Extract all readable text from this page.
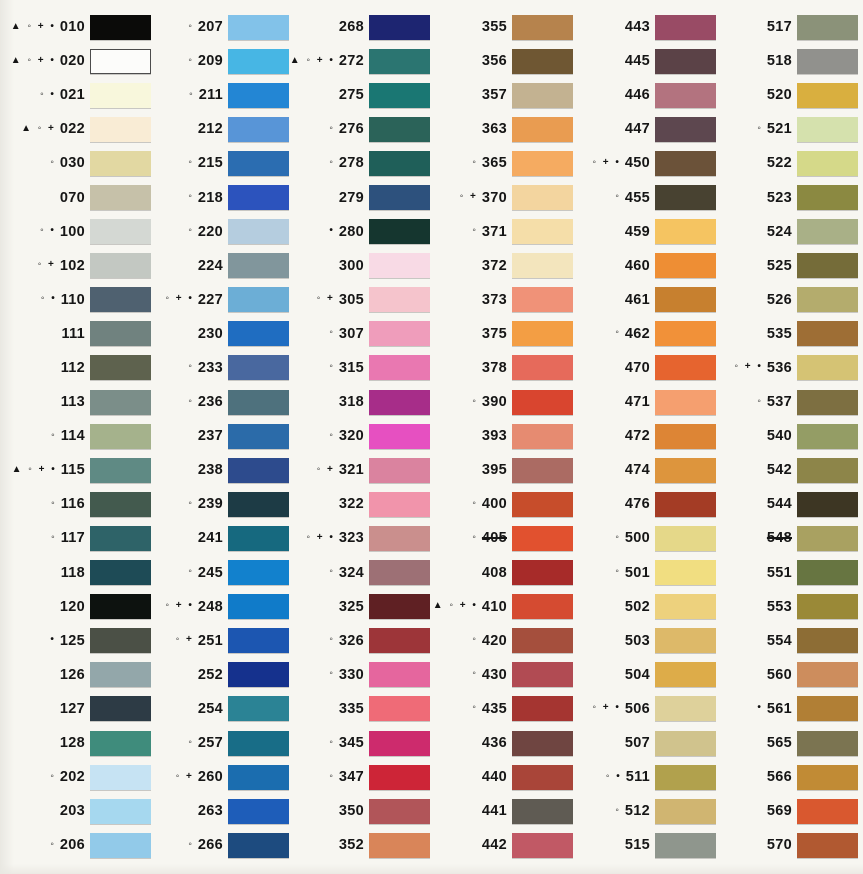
▲ ◦ + • 010
▲ ◦ + • 020
◦ • 021
▲ ◦ + 022
◦ 030
070
◦ • 100
◦ + 102
◦ • 110
111
112
113
◦ 114
▲ ◦ + • 115
◦ 116
◦ 117
118
120
• 125
126
127
128
◦ 202
203
◦ 206
◦ 207
◦ 209
◦ 211
212
◦ 215
◦ 218
◦ 220
224
◦ + • 227
230
◦ 233
◦ 236
237
238
◦ 239
241
◦ 245
◦ + • 248
◦ + 251
252
254
◦ 257
◦ + 260
263
◦ 266
268
▲ ◦ + • 272
275
◦ 276
◦ 278
279
• 280
300
◦ + 305
◦ 307
◦ 315
318
◦ 320
◦ + 321
322
◦ + • 323
◦ 324
325
◦ 326
◦ 330
335
◦ 345
◦ 347
350
352
355
356
357
363
◦ 365
◦ + 370
◦ 371
372
373
375
378
◦ 390
393
395
◦ 400
◦ 405
408
▲ ◦ + • 410
◦ 420
◦ 430
◦ 435
436
440
441
442
443
445
446
447
◦ + • 450
◦ 455
459
460
461
◦ 462
470
471
472
474
476
◦ 500
◦ 501
502
503
504
◦ + • 506
507
◦ • 511
◦ 512
515
517
518
520
◦ 521
522
523
524
525
526
535
◦ + • 536
◦ 537
540
542
544
548
551
553
554
560
• 561
565
566
569
570
